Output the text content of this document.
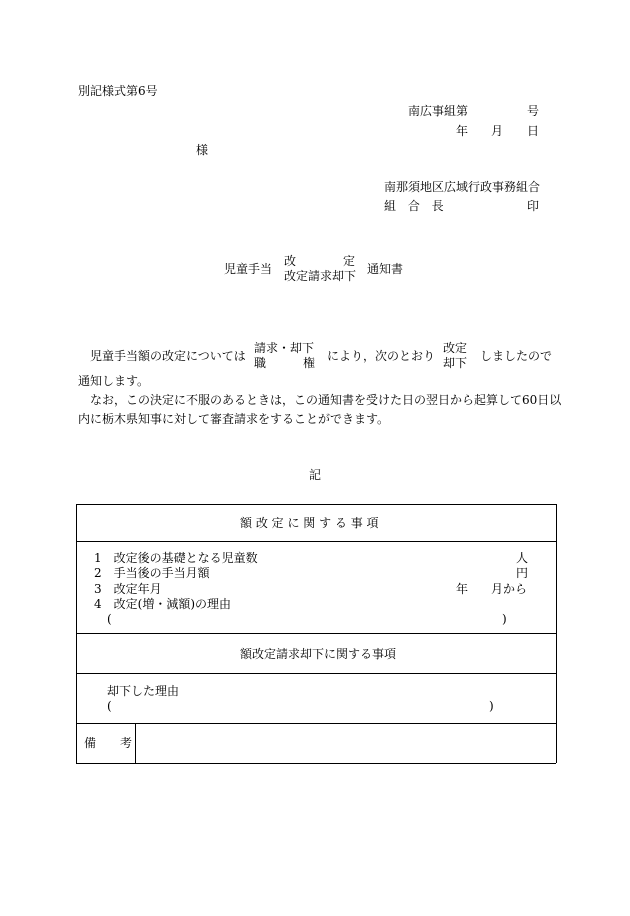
別記様式第6号
南広事組第	号
年 月 日
様
南那須地区広域行政事務組合
組 合 長	印
児童手当
改	定
改定請求却下 通知書
児童手当額の改定については
請求・却下
職	権 により，次のとおり
改定
却下 しましたので
通知します。
なお，この決定に不服のあるときは，この通知書を受けた日の翌日から起算して60日以
内に栃木県知事に対して審査請求をすることができます。
記
額 改 定 に 関 す る 事 項
1　改定後の基礎となる児童数	人
2　手当後の手当月額	円
3　改定年月	年 月から
4　改定(増・減額)の理由
(	)
額改定請求却下に関する事項
却下した理由
(	)
備　　考
